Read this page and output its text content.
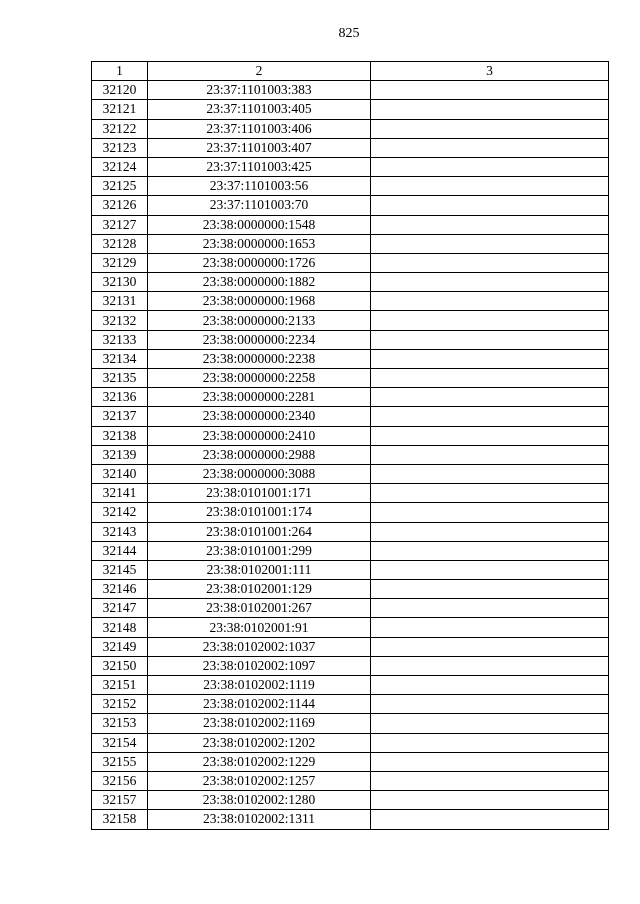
825
1	2	3
32120	23:37:1101003:383	
32121	23:37:1101003:405	
32122	23:37:1101003:406	
32123	23:37:1101003:407	
32124	23:37:1101003:425	
32125	23:37:1101003:56	
32126	23:37:1101003:70	
32127	23:38:0000000:1548	
32128	23:38:0000000:1653	
32129	23:38:0000000:1726	
32130	23:38:0000000:1882	
32131	23:38:0000000:1968	
32132	23:38:0000000:2133	
32133	23:38:0000000:2234	
32134	23:38:0000000:2238	
32135	23:38:0000000:2258	
32136	23:38:0000000:2281	
32137	23:38:0000000:2340	
32138	23:38:0000000:2410	
32139	23:38:0000000:2988	
32140	23:38:0000000:3088	
32141	23:38:0101001:171	
32142	23:38:0101001:174	
32143	23:38:0101001:264	
32144	23:38:0101001:299	
32145	23:38:0102001:111	
32146	23:38:0102001:129	
32147	23:38:0102001:267	
32148	23:38:0102001:91	
32149	23:38:0102002:1037	
32150	23:38:0102002:1097	
32151	23:38:0102002:1119	
32152	23:38:0102002:1144	
32153	23:38:0102002:1169	
32154	23:38:0102002:1202	
32155	23:38:0102002:1229	
32156	23:38:0102002:1257	
32157	23:38:0102002:1280	
32158	23:38:0102002:1311	
